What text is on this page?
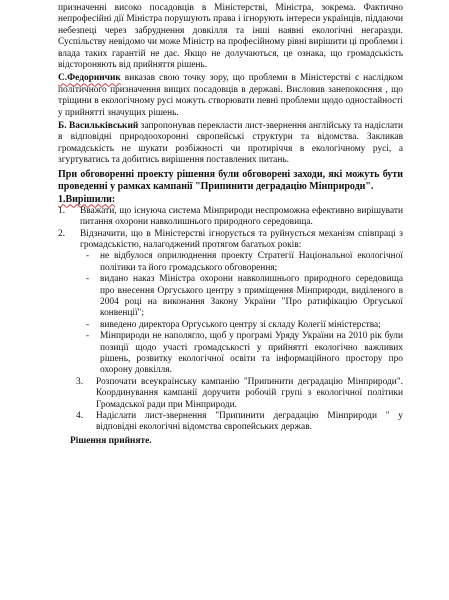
призначенні високо посадовців в Міністерстві, Міністра, зокрема. Фактично непрофесійні дії Міністра порушують права і ігнорують інтереси українців, піддаючи небезпеці через забруднення довкілля та інші наявні екологічні негаразди. Суспільству невідомо чи може Міністр на професійному рівні вирішити ці проблеми і влада таких гарантій не дає. Якщо не долучаються, це ознака, що громадськість відстороняють від прийняття рішень.

С.Федоринчик виказав свою точку зору, що проблеми в Міністерстві є наслідком політичного призначення вищих посадовців в державі. Висловив занепокоєння , що тріщини в екологічному русі можуть створювати певні проблеми щодо одностайності у прийнятті значущих рішень.

Б. Васильківський запропонував перекласти лист-звернення англійську та надіслати в відповідні природоохоронні європейські структури та відомства. Закликав громадськість не шукати розбіжності чи протиріччя в екологічному русі, а згуртуватись та добитись вирішення поставлених питань.

При обговоренні проекту рішення були обговорені заходи, які можуть бути проведенні у рамках кампанії "Припинити деградацію Мінприроди".

1.Вирішили:

1. Вважати, що існуюча система Мінприроди неспроможна ефективно вирішувати питання охорони навколишнього природного середовища.
2. Відзначити, що в Міністерстві ігнорується та руйнується механізм співпраці з громадськістю, налагоджений протягом багатьох років:
- не відбулося оприлюднення проекту Стратегії Національної екологічної політики та його громадського обговорення;
- видано наказ Міністра охорони навколишнього природного середовища про внесення Оргуського центру з приміщення Мінприроди, виділеного в 2004 році на виконання Закону України "Про ратифікацію Оргуської конвенції";
- виведено директора Оргуського центру зі складу Колегії міністерства;
- Мінприроди не наполягло, щоб у програмі Уряду України на 2010 рік були позиції щодо участі громадськості у прийнятті екологічно важливих рішень, розвитку екологічної освіти та інформаційного простору про охорону довкілля.
3. Розпочати всеукраїнську кампанію "Припинити деградацію Мінприроди". Координування кампанії доручити робочій групі з екологічної політики Громадської ради при Мінприроди.
4. Надіслати лист-звернення "Припинити деградацію Мінприроди " у відповідні екологічні відомства європейських держав.

Рішення прийняте.
